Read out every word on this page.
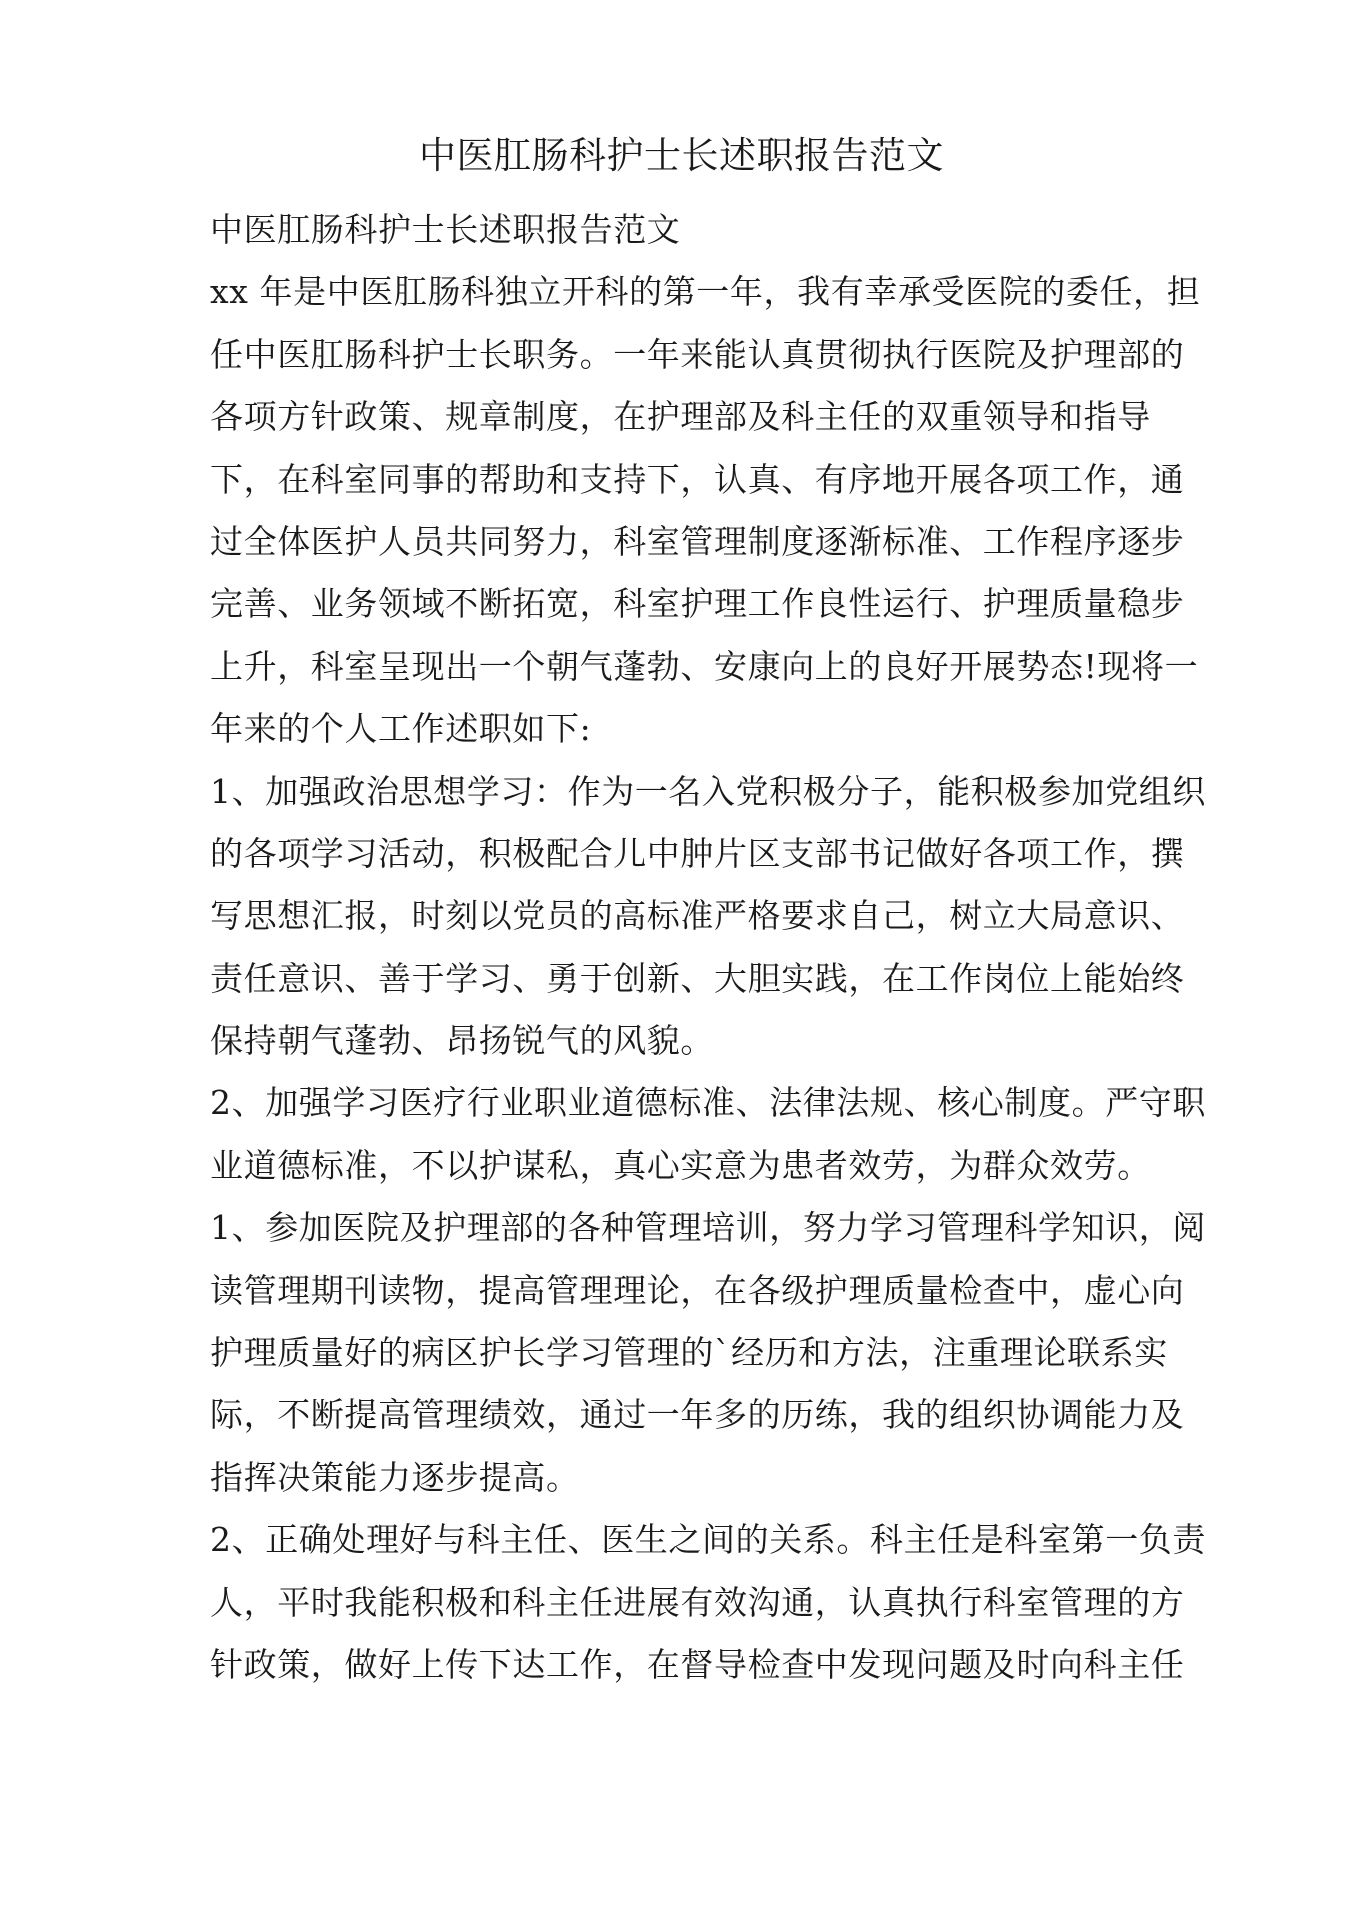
中医肛肠科护士长述职报告范文
中医肛肠科护士长述职报告范文
xx 年是中医肛肠科独立开科的第一年，我有幸承受医院的委任，担
任中医肛肠科护士长职务。一年来能认真贯彻执行医院及护理部的
各项方针政策、规章制度，在护理部及科主任的双重领导和指导
下，在科室同事的帮助和支持下，认真、有序地开展各项工作，通
过全体医护人员共同努力，科室管理制度逐渐标准、工作程序逐步
完善、业务领域不断拓宽，科室护理工作良性运行、护理质量稳步
上升，科室呈现出一个朝气蓬勃、安康向上的良好开展势态!现将一
年来的个人工作述职如下:
1、加强政治思想学习：作为一名入党积极分子，能积极参加党组织
的各项学习活动，积极配合儿中肿片区支部书记做好各项工作，撰
写思想汇报，时刻以党员的高标准严格要求自己，树立大局意识、
责任意识、善于学习、勇于创新、大胆实践，在工作岗位上能始终
保持朝气蓬勃、昂扬锐气的风貌。
2、加强学习医疗行业职业道德标准、法律法规、核心制度。严守职
业道德标准，不以护谋私，真心实意为患者效劳，为群众效劳。
1、参加医院及护理部的各种管理培训，努力学习管理科学知识，阅
读管理期刊读物，提高管理理论，在各级护理质量检查中，虚心向
护理质量好的病区护长学习管理的`经历和方法，注重理论联系实
际，不断提高管理绩效，通过一年多的历练，我的组织协调能力及
指挥决策能力逐步提高。
2、正确处理好与科主任、医生之间的关系。科主任是科室第一负责
人，平时我能积极和科主任进展有效沟通，认真执行科室管理的方
针政策，做好上传下达工作，在督导检查中发现问题及时向科主任
